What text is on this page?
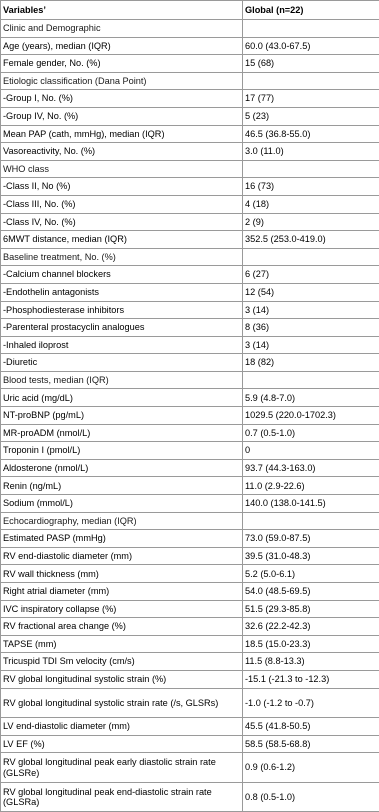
Variables’	Global (n=22)
Clinic and Demographic	
Age (years), median (IQR)	60.0 (43.0-67.5)
Female gender, No. (%)	15 (68)
Etiologic classification (Dana Point)	
-Group I, No. (%)	17 (77)
-Group IV, No. (%)	5 (23)
Mean PAP (cath, mmHg), median (IQR)	46.5 (36.8-55.0)
Vasoreactivity, No. (%)	3.0 (11.0)
WHO class	
-Class II, No (%)	16 (73)
-Class III, No. (%)	4 (18)
-Class IV, No. (%)	2 (9)
6MWT distance, median (IQR)	352.5 (253.0-419.0)
Baseline treatment, No. (%)	
-Calcium channel blockers	6 (27)
-Endothelin antagonists	12 (54)
-Phosphodiesterase inhibitors	3 (14)
-Parenteral prostacyclin analogues	8 (36)
-Inhaled iloprost	3 (14)
-Diuretic	18 (82)
Blood tests, median (IQR)	
Uric acid (mg/dL)	5.9 (4.8-7.0)
NT-proBNP (pg/mL)	1029.5 (220.0-1702.3)
MR-proADM (nmol/L)	0.7 (0.5-1.0)
Troponin I (pmol/L)	0
Aldosterone (nmol/L)	93.7 (44.3-163.0)
Renin (ng/mL)	11.0 (2.9-22.6)
Sodium (mmol/L)	140.0 (138.0-141.5)
Echocardiography, median (IQR)	
Estimated PASP (mmHg)	73.0 (59.0-87.5)
RV end-diastolic diameter (mm)	39.5 (31.0-48.3)
RV wall thickness (mm)	5.2 (5.0-6.1)
Right atrial diameter (mm)	54.0 (48.5-69.5)
IVC inspiratory collapse (%)	51.5 (29.3-85.8)
RV fractional area change (%)	32.6 (22.2-42.3)
TAPSE (mm)	18.5 (15.0-23.3)
Tricuspid TDI Sm velocity (cm/s)	11.5 (8.8-13.3)
RV global longitudinal systolic strain (%)	-15.1 (-21.3 to -12.3)
RV global longitudinal systolic strain rate (/s, GLSRs)	-1.0 (-1.2 to -0.7)
LV end-diastolic diameter (mm)	45.5 (41.8-50.5)
LV EF (%)	58.5 (58.5-68.8)
RV global longitudinal peak early diastolic strain rate (GLSRe)	0.9 (0.6-1.2)
RV global longitudinal peak end-diastolic strain rate (GLSRa)	0.8 (0.5-1.0)
